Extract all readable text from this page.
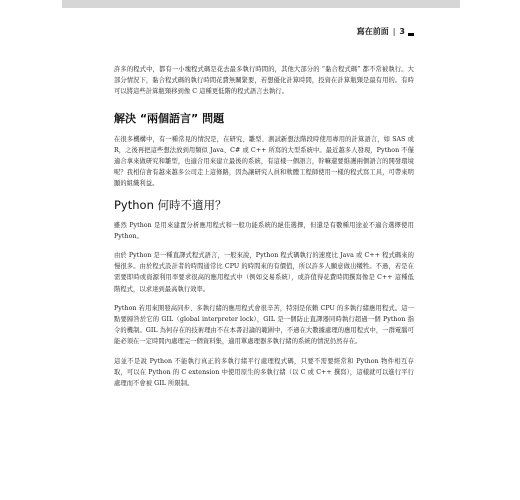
寫在前面 | 3

許多的程式中，都有一小塊程式碼是花去最多執行時間的，其他大部分的 “黏合程式碼” 都不常被執行。大部分情況下，黏合程式碼的執行時間花費無關緊要，若想優化計算時間，投資在計算瓶頸是最有用的。有時可以將這些計算瓶頸移到像 C 這種更低階的程式語言去執行。

解決 “兩個語言” 問題

在很多機構中，有一種常見的情況是，在研究、雛型、測試新想法階段時使用專用的計算語言，如 SAS 或 R，之後再把這些想法放到用類似 Java、C# 或 C++ 所寫的大型系統中。最近越多人發現，Python 不僅適合拿來做研究和雛型，也適合用來建立最後的系統，有這樣一個語言，幹嘛還要維護兩個語言的開發環境呢？我相信會有越來越多公司走上這條路，因為讓研究人員和軟體工程師使用一樣的程式寫工具，可帶來明顯的組織利益。

Python 何時不適用？

雖然 Python 是用來建置分析應用程式和一般功能系統的絕佳選擇，但還是有數種用途並不適合選擇使用 Python。

由於 Python 是一種直譯式程式語言，一般來說，Python 程式碼執行的速度比 Java 或 C++ 程式碼來的慢很多。由於程式設計者的時間通常比 CPU 的時間來的有價值，所以許多人願意做出犧牲。不過，若是在需要即時或資源利用率要求很高的應用程式中（例如交易系統），或許值得花費時間撰寫像是 C++ 這種低階程式，以求達到最高執行效率。

Python 若用來開發高同步、多執行緒的應用程式會很辛苦，特別是依賴 CPU 的多執行緒應用程式。這一點要歸咎於它的 GIL（global interpreter lock），GIL 是一個防止直譯器同時執行超過一個 Python 指令的機制。GIL 為何存在的技術理由不在本書討論的範圍中，不過在大數據處理的應用程式中，一群電腦可能必須在一定時間內處理完一個資料集，適用單處理器多執行緒的系統的情況仍然存在。

這並不是說 Python 不能執行真正的多執行緒平行處理程式碼，只要不需要經常和 Python 物件相互存取，可以在 Python 的 C extension 中使用原生的多執行緒（以 C 或 C++ 撰寫），這樣就可以進行平行處理而不會被 GIL 所限制。
